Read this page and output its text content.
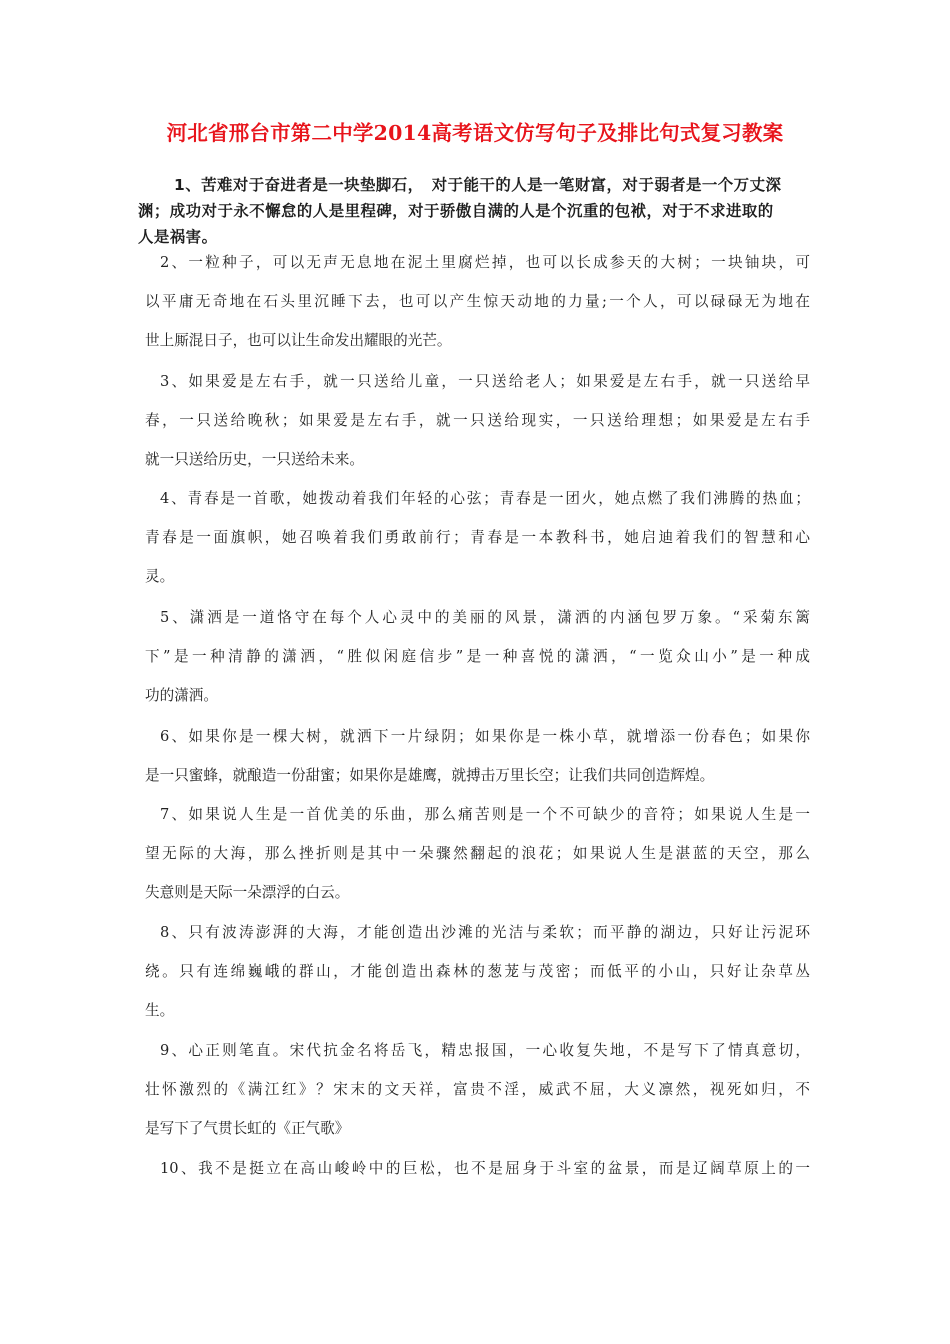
河北省邢台市第二中学2014高考语文仿写句子及排比句式复习教案
1、苦难对于奋进者是一块垫脚石，　对于能干的人是一笔财富，对于弱者是一个万丈深
渊；成功对于永不懈怠的人是里程碑，对于骄傲自满的人是个沉重的包袱，对于不求进取的
人是祸害。
2、一粒种子，可以无声无息地在泥土里腐烂掉，也可以长成参天的大树；一块铀块，可
以平庸无奇地在石头里沉睡下去，也可以产生惊天动地的力量;一个人，可以碌碌无为地在
世上厮混日子，也可以让生命发出耀眼的光芒。
3、如果爱是左右手，就一只送给儿童，一只送给老人；如果爱是左右手，就一只送给早
春，一只送给晚秋；如果爱是左右手，就一只送给现实，一只送给理想；如果爱是左右手
就一只送给历史，一只送给未来。
4、青春是一首歌，她拨动着我们年轻的心弦；青春是一团火，她点燃了我们沸腾的热血；
青春是一面旗帜，她召唤着我们勇敢前行；青春是一本教科书，她启迪着我们的智慧和心
灵。
5、潇洒是一道恪守在每个人心灵中的美丽的风景，潇洒的内涵包罗万象。“采菊东篱
下”是一种清静的潇洒，“胜似闲庭信步”是一种喜悦的潇洒，“一览众山小”是一种成
功的潇洒。
6、如果你是一棵大树，就洒下一片绿阴；如果你是一株小草，就增添一份春色；如果你
是一只蜜蜂，就酿造一份甜蜜；如果你是雄鹰，就搏击万里长空；让我们共同创造辉煌。
7、如果说人生是一首优美的乐曲，那么痛苦则是一个不可缺少的音符；如果说人生是一
望无际的大海，那么挫折则是其中一朵骤然翻起的浪花；如果说人生是湛蓝的天空，那么
失意则是天际一朵漂浮的白云。
8、只有波涛澎湃的大海，才能创造出沙滩的光洁与柔软；而平静的湖边，只好让污泥环
绕。只有连绵巍峨的群山，才能创造出森林的葱茏与茂密；而低平的小山，只好让杂草丛
生。
9、心正则笔直。宋代抗金名将岳飞，精忠报国，一心收复失地，不是写下了情真意切，
壮怀激烈的《满江红》？宋末的文天祥，富贵不淫，威武不屈，大义凛然，视死如归，不
是写下了气贯长虹的《正气歌》
10、我不是挺立在高山峻岭中的巨松，也不是屈身于斗室的盆景，而是辽阔草原上的一
